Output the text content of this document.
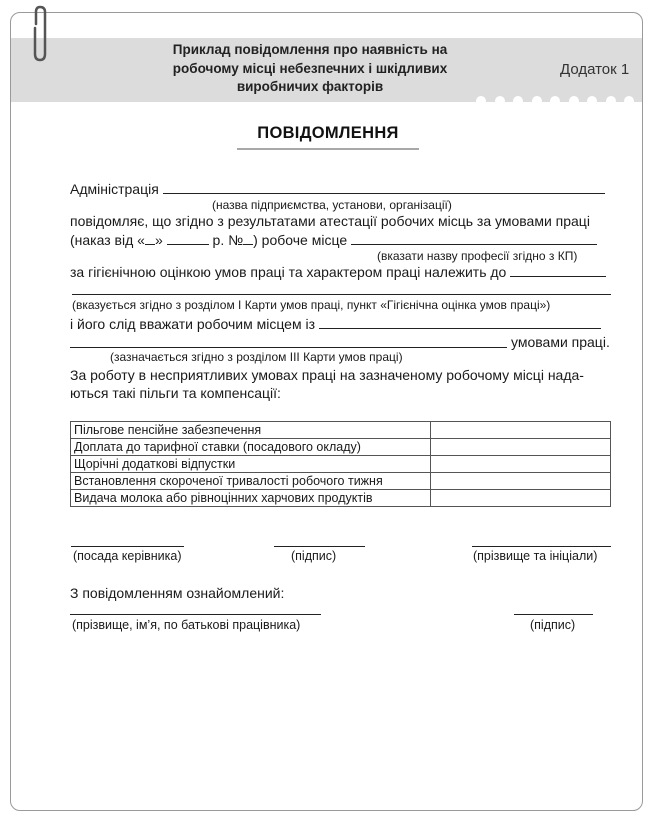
Приклад повідомлення про наявність на
робочому місці небезпечних і шкідливих
виробничих факторів
Додаток 1
ПОВІДОМЛЕННЯ
Адміністрація
(назва підприємства, установи, організації)
повідомляє, що згідно з результатами атестації робочих місць за умовами праці
(наказ від « »	р. № ) робоче місце
(вказати назву професії згідно з КП)
за гігієнічною оцінкою умов праці та характером праці належить до
(вказується згідно з розділом І Карти умов праці, пункт «Гігієнічна оцінка умов праці»)
і його слід вважати робочим місцем із
умовами праці.
(зазначається згідно з розділом ІІІ Карти умов праці)
За роботу в несприятливих умовах праці на зазначеному робочому місці нада-
ються такі пільги та компенсації:
Пільгове пенсійне забезпечення	
Доплата до тарифної ставки (посадового окладу)	
Щорічні додаткові відпустки	
Встановлення скороченої тривалості робочого тижня	
Видача молока або рівноцінних харчових продуктів	
(посада керівника)	(підпис)	(прізвище та ініціали)
З повідомленням ознайомлений:
(прізвище, ім’я, по батькові працівника)	(підпис)
